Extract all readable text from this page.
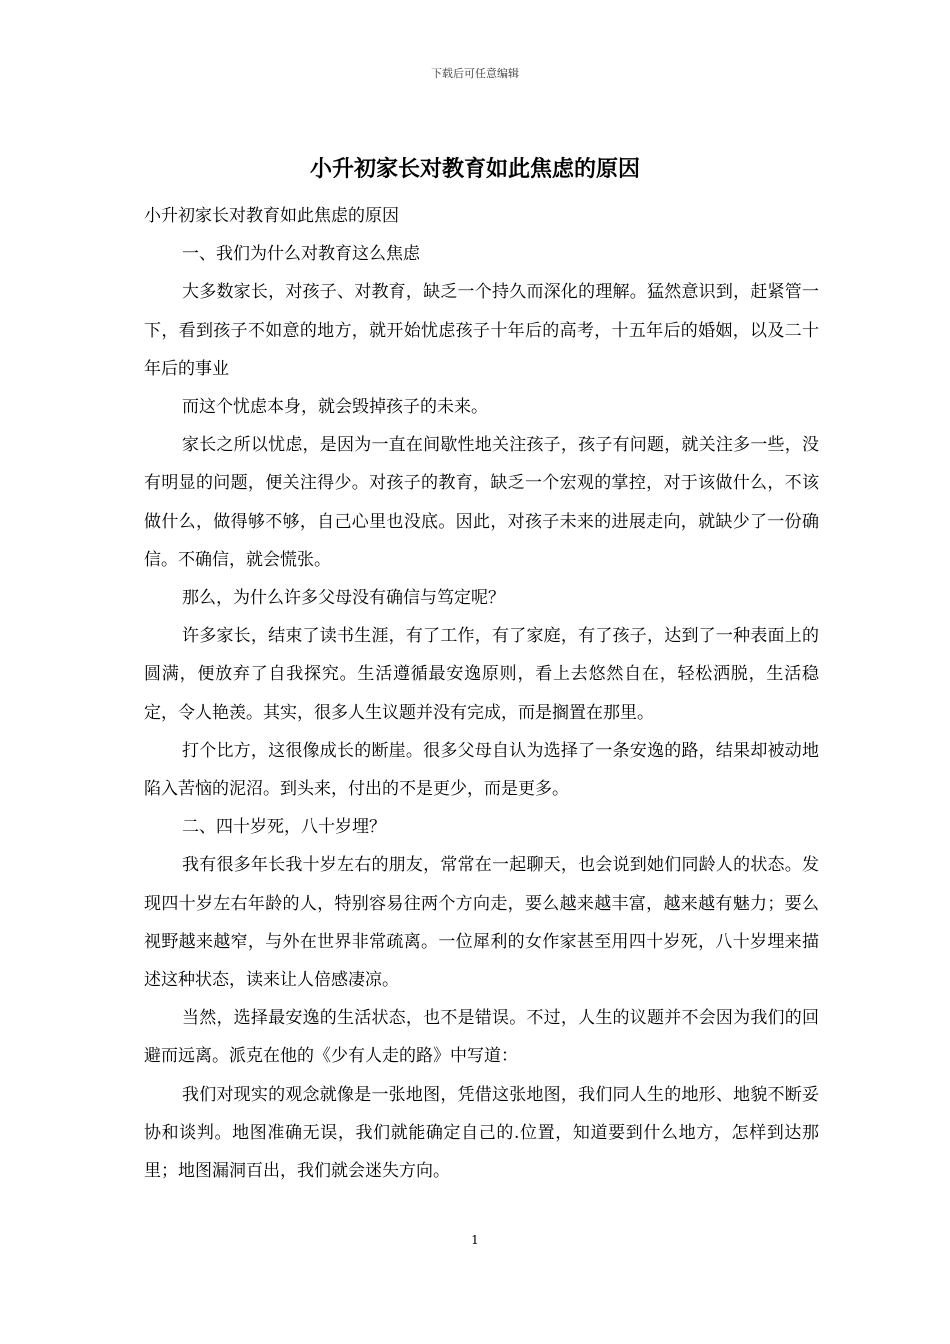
下载后可任意编辑
小升初家长对教育如此焦虑的原因

小升初家长对教育如此焦虑的原因

一、我们为什么对教育这么焦虑

大多数家长，对孩子、对教育，缺乏一个持久而深化的理解。猛然意识到，赶紧管一下，看到孩子不如意的地方，就开始忧虑孩子十年后的高考，十五年后的婚姻，以及二十年后的事业

而这个忧虑本身，就会毁掉孩子的未来。

家长之所以忧虑，是因为一直在间歇性地关注孩子，孩子有问题，就关注多一些，没有明显的问题，便关注得少。对孩子的教育，缺乏一个宏观的掌控，对于该做什么，不该做什么，做得够不够，自己心里也没底。因此，对孩子未来的进展走向，就缺少了一份确信。不确信，就会慌张。

那么，为什么许多父母没有确信与笃定呢？

许多家长，结束了读书生涯，有了工作，有了家庭，有了孩子，达到了一种表面上的圆满，便放弃了自我探究。生活遵循最安逸原则，看上去悠然自在，轻松洒脱，生活稳定，令人艳羡。其实，很多人生议题并没有完成，而是搁置在那里。

打个比方，这很像成长的断崖。很多父母自认为选择了一条安逸的路，结果却被动地陷入苦恼的泥沼。到头来，付出的不是更少，而是更多。

二、四十岁死，八十岁埋？

我有很多年长我十岁左右的朋友，常常在一起聊天，也会说到她们同龄人的状态。发现四十岁左右年龄的人，特别容易往两个方向走，要么越来越丰富，越来越有魅力；要么视野越来越窄，与外在世界非常疏离。一位犀利的女作家甚至用四十岁死，八十岁埋来描述这种状态，读来让人倍感凄凉。

当然，选择最安逸的生活状态，也不是错误。不过，人生的议题并不会因为我们的回避而远离。派克在他的《少有人走的路》中写道：

我们对现实的观念就像是一张地图，凭借这张地图，我们同人生的地形、地貌不断妥协和谈判。地图准确无误，我们就能确定自己的.位置，知道要到什么地方，怎样到达那里；地图漏洞百出，我们就会迷失方向。

1
